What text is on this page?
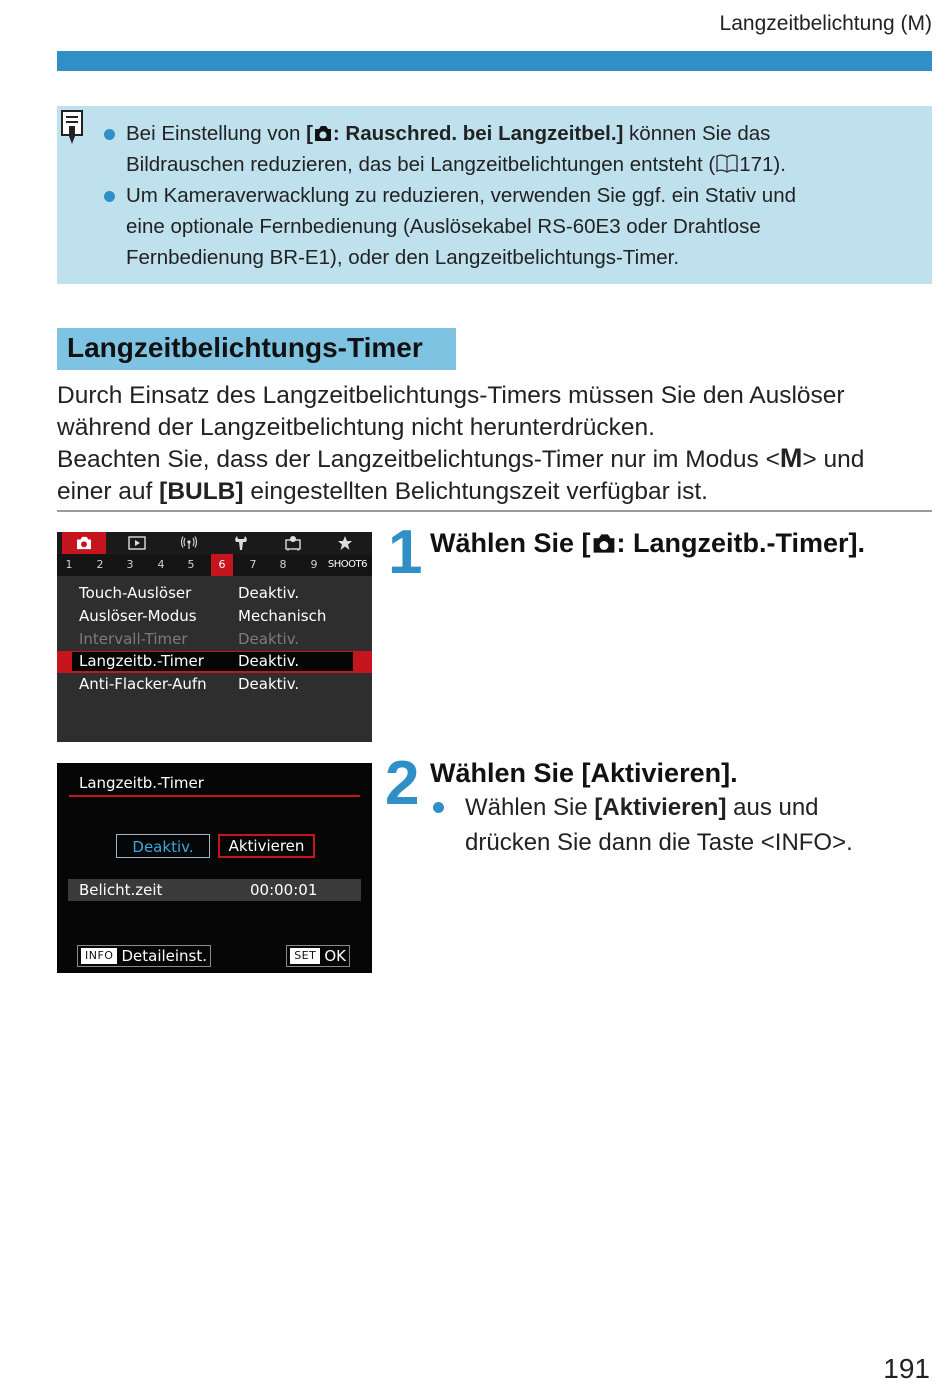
Langzeitbelichtung (M)
Bei Einstellung von [ : Rauschred. bei Langzeitbel.] können Sie das
Bildrauschen reduzieren, das bei Langzeitbelichtungen entsteht ( 171).
Um Kameraverwacklung zu reduzieren, verwenden Sie ggf. ein Stativ und
eine optionale Fernbedienung (Auslösekabel RS-60E3 oder Drahtlose
Fernbedienung BR-E1), oder den Langzeitbelichtungs-Timer.
Langzeitbelichtungs-Timer
Durch Einsatz des Langzeitbelichtungs-Timers müssen Sie den Auslöser
während der Langzeitbelichtung nicht herunterdrücken.
Beachten Sie, dass der Langzeitbelichtungs-Timer nur im Modus <M> und
einer auf [BULB] eingestellten Belichtungszeit verfügbar ist.
1	2	3	4	5	6	7	8	9	SHOOT6
Touch-Auslöser	Deaktiv.
Auslöser-Modus	Mechanisch
Intervall-Timer	Deaktiv.
Langzeitb.-Timer Deaktiv.
Anti-Flacker-Aufn Deaktiv.
Langzeitb.-Timer
Deaktiv.	Aktivieren
Belicht.zeit	00:00:01
INFO Detaileinst.	SET OK
1 Wählen Sie [ : Langzeitb.-Timer].
2 Wählen Sie [Aktivieren].
Wählen Sie [Aktivieren] aus und
drücken Sie dann die Taste <INFO>.
191
